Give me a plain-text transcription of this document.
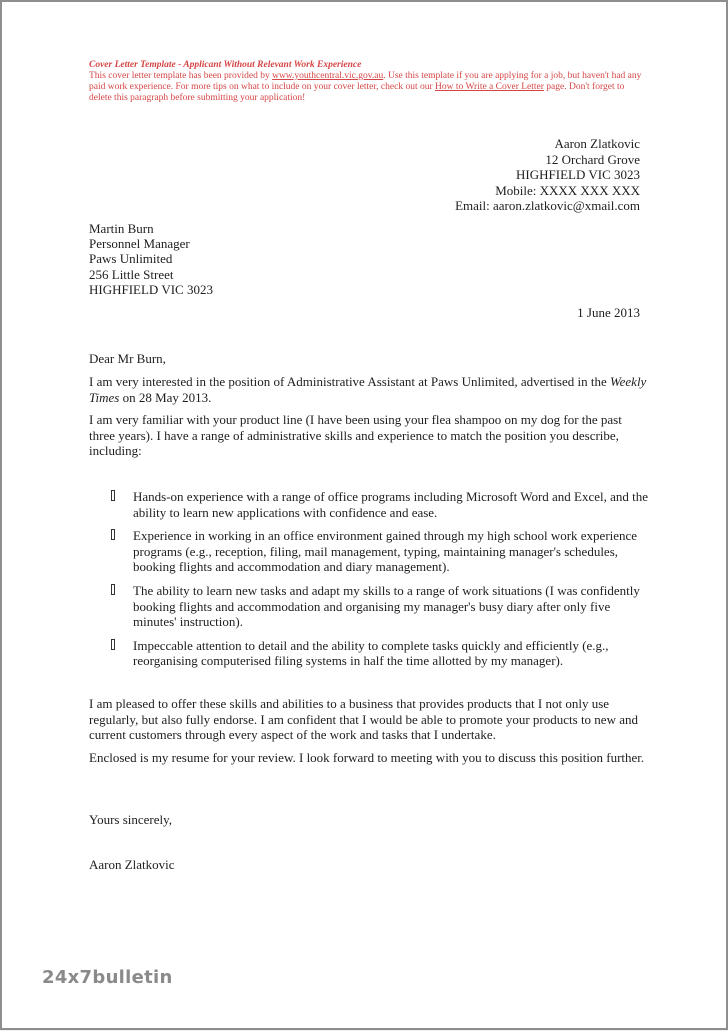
Cover Letter Template - Applicant Without Relevant Work Experience
This cover letter template has been provided by www.youthcentral.vic.gov.au. Use this template if you are applying for a job, but haven't had any paid work experience. For more tips on what to include on your cover letter, check out our How to Write a Cover Letter page. Don't forget to delete this paragraph before submitting your application!
Aaron Zlatkovic
12 Orchard Grove
HIGHFIELD VIC 3023
Mobile: XXXX XXX XXX
Email: aaron.zlatkovic@xmail.com
Martin Burn
Personnel Manager
Paws Unlimited
256 Little Street
HIGHFIELD VIC 3023
1 June 2013

Dear Mr Burn,

I am very interested in the position of Administrative Assistant at Paws Unlimited, advertised in the Weekly Times on 28 May 2013.

I am very familiar with your product line (I have been using your flea shampoo on my dog for the past three years). I have a range of administrative skills and experience to match the position you describe, including:

Hands-on experience with a range of office programs including Microsoft Word and Excel, and the ability to learn new applications with confidence and ease.
Experience in working in an office environment gained through my high school work experience programs (e.g., reception, filing, mail management, typing, maintaining manager's schedules, booking flights and accommodation and diary management).
The ability to learn new tasks and adapt my skills to a range of work situations (I was confidently booking flights and accommodation and organising my manager's busy diary after only five minutes' instruction).
Impeccable attention to detail and the ability to complete tasks quickly and efficiently (e.g., reorganising computerised filing systems in half the time allotted by my manager).

I am pleased to offer these skills and abilities to a business that provides products that I not only use regularly, but also fully endorse. I am confident that I would be able to promote your products to new and current customers through every aspect of the work and tasks that I undertake.

Enclosed is my resume for your review. I look forward to meeting with you to discuss this position further.

Yours sincerely,

Aaron Zlatkovic

24x7bulletin
